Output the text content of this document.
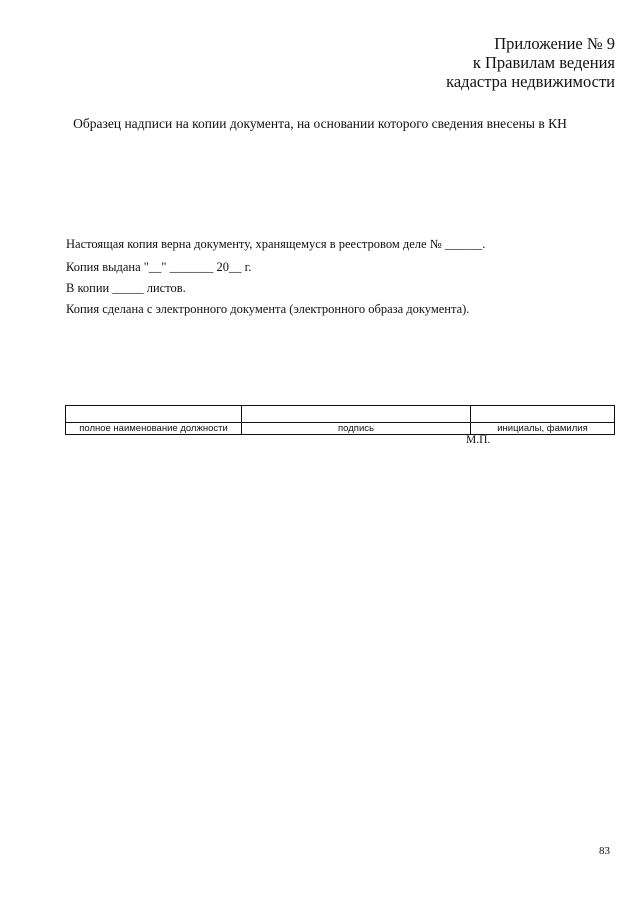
Приложение № 9
к Правилам ведения
кадастра недвижимости
Образец надписи на копии документа, на основании которого сведения внесены в КН
Настоящая копия верна документу, хранящемуся в реестровом деле № ______.
Копия выдана "__" _______ 20__ г.
В копии _____ листов.
Копия сделана с электронного документа (электронного образа документа).

полное наименование должности	подпись	инициалы, фамилия
М.П.
83
